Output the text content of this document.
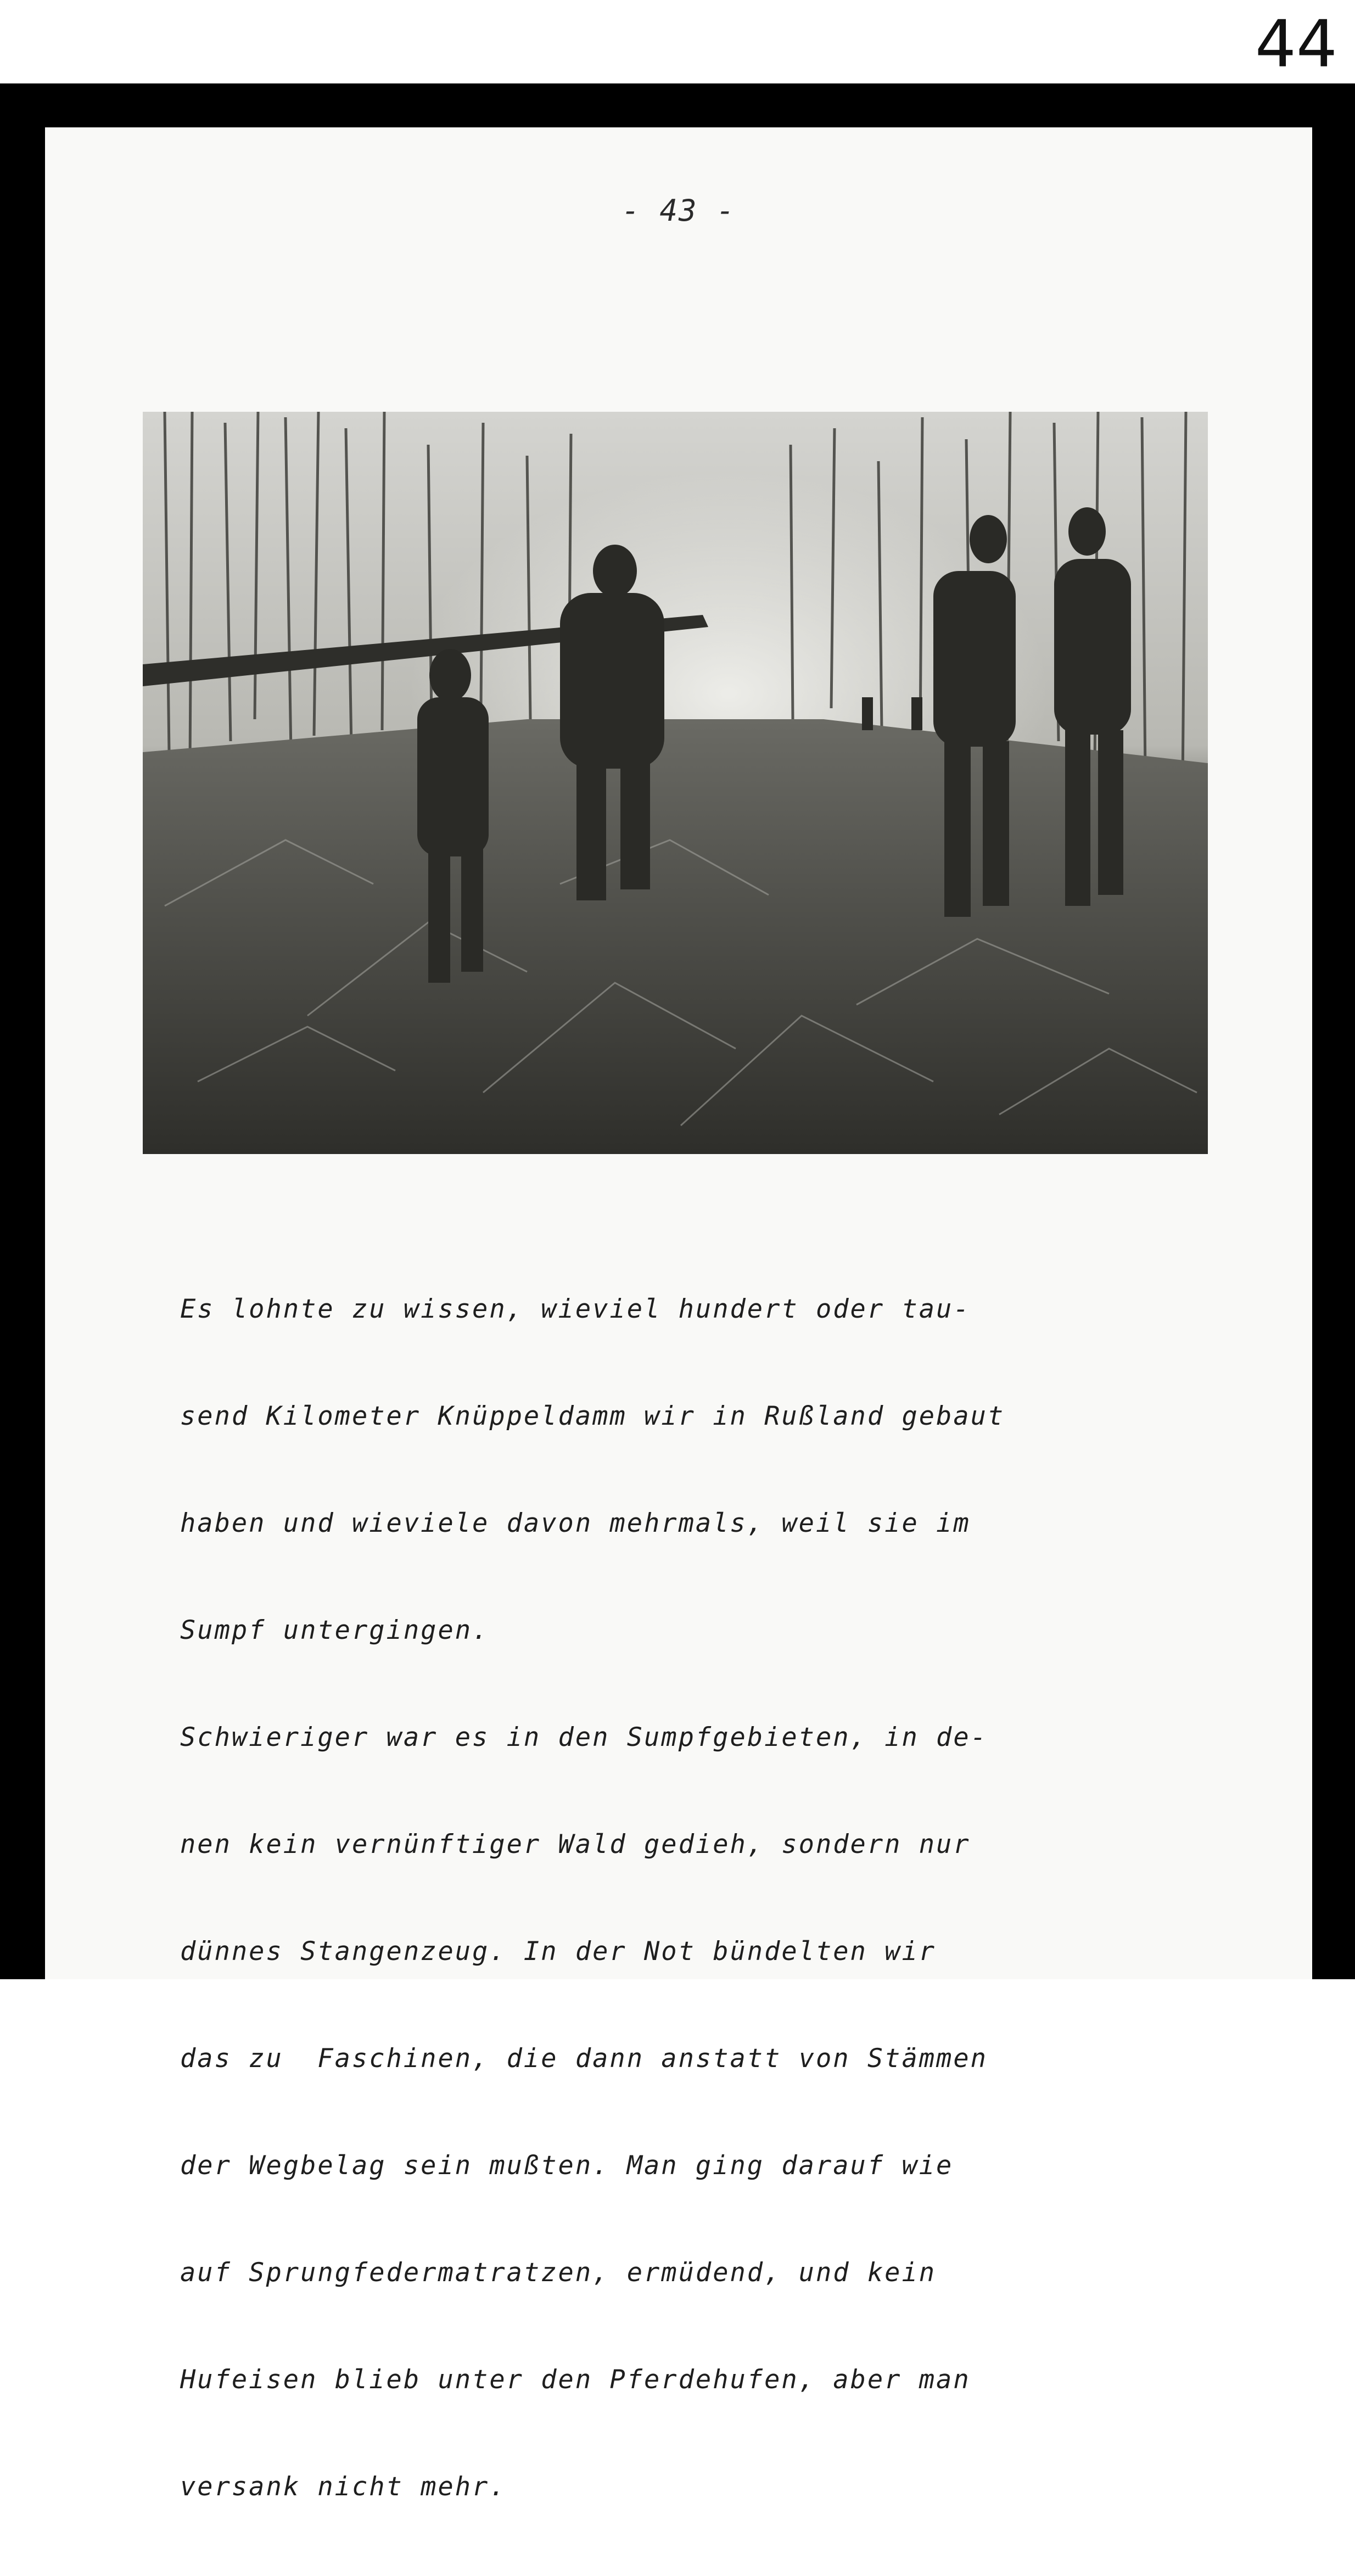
44
- 43 -

Es lohnte zu wissen, wieviel hundert oder tau-

send Kilometer Knüppeldamm wir in Rußland gebaut

haben und wieviele davon mehrmals, weil sie im

Sumpf untergingen.

Schwieriger war es in den Sumpfgebieten, in de-

nen kein vernünftiger Wald gedieh, sondern nur

dünnes Stangenzeug. In der Not bündelten wir

das zu  Faschinen, die dann anstatt von Stämmen

der Wegbelag sein mußten. Man ging darauf wie

auf Sprungfedermatratzen, ermüdend, und kein

Hufeisen blieb unter den Pferdehufen, aber man

versank nicht mehr.
